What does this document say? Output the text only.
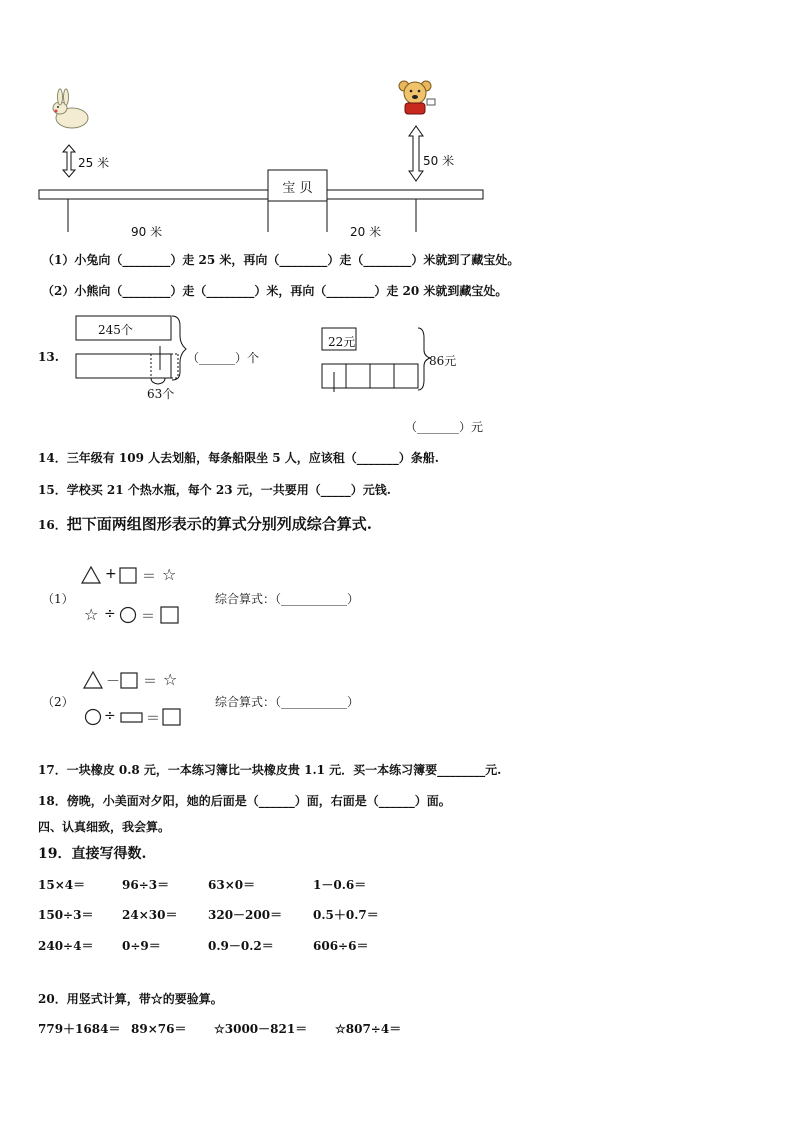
25 米	50 米
宝 贝
90 米	20 米
（1）小兔向（________）走 25 米，再向（________）走（________）米就到了藏宝处。
（2）小熊向（________）走（________）米，再向（________）走 20 米就到藏宝处。
13.
245个
63个
（______）个
22元
86元
（_______）元
14．三年级有 109 人去划船，每条船限坐 5 人，应该租（_______）条船.
15．学校买 21 个热水瓶，每个 23 元，一共要用（_____）元钱.
16．把下面两组图形表示的算式分别列成综合算式.
（1）
+ ＝ ☆
☆ ÷ ＝
综合算式：（___________）
（2）
－ ＝ ☆
÷ ＝
综合算式：（___________）
17．一块橡皮 0.8 元，一本练习簿比一块橡皮贵 1.1 元．买一本练习簿要________元.
18．傍晚，小美面对夕阳，她的后面是（______）面，右面是（______）面。
四、认真细致，我会算。
19．直接写得数.
15×4＝	96÷3＝	63×0＝	1－0.6＝
150÷3＝ 24×30＝	320－200＝	0.5＋0.7＝
240÷4＝ 0÷9＝	0.9－0.2＝	606÷6＝
20．用竖式计算，带☆的要验算。
779＋1684＝ 89×76＝ ☆3000－821＝ ☆807÷4＝
